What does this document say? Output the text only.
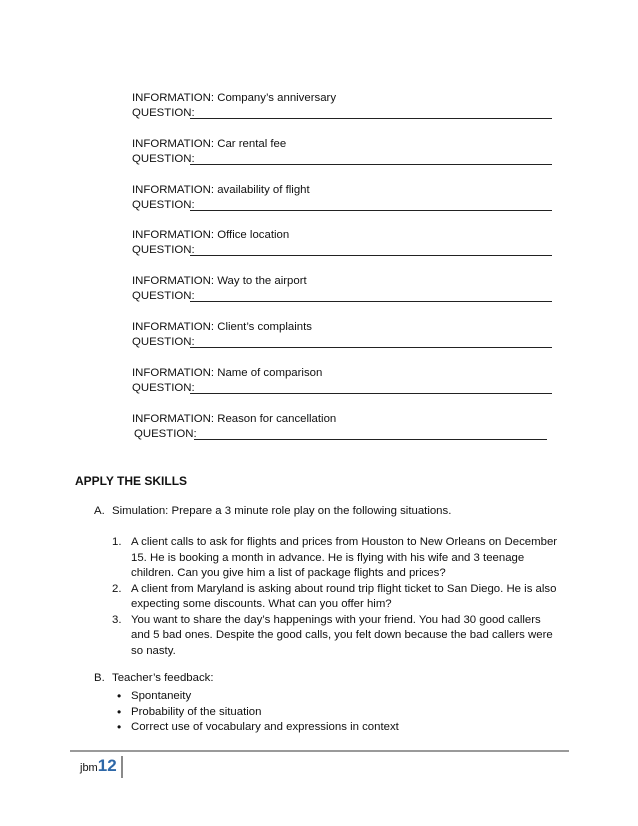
INFORMATION: Company’s anniversary
QUESTION:
INFORMATION: Car rental fee
QUESTION:
INFORMATION: availability of flight
QUESTION:
INFORMATION: Office location
QUESTION:
INFORMATION: Way to the airport
QUESTION:
INFORMATION: Client’s complaints
QUESTION:
INFORMATION: Name of comparison
QUESTION:
INFORMATION: Reason for cancellation
QUESTION:
APPLY THE SKILLS
A. Simulation: Prepare a 3 minute role play on the following situations.
1. A client calls to ask for flights and prices from Houston to New Orleans on December
15. He is booking a month in advance. He is flying with his wife and 3 teenage
children. Can you give him a list of package flights and prices?
2. A client from Maryland is asking about round trip flight ticket to San Diego. He is also
expecting some discounts. What can you offer him?
3. You want to share the day’s happenings with your friend. You had 30 good callers
and 5 bad ones. Despite the good calls, you felt down because the bad callers were
so nasty.
B. Teacher’s feedback:
• Spontaneity
• Probability of the situation
• Correct use of vocabulary and expressions in context
jbm12
